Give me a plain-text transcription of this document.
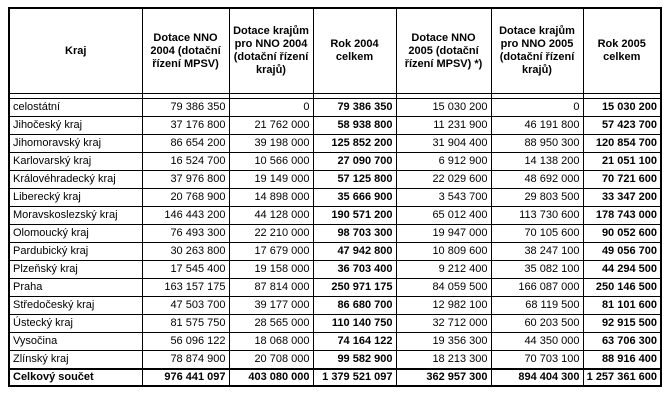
Kraj	Dotace NNO 2004 (dotační řízení MPSV)	Dotace krajům pro NNO 2004 (dotační řízení krajů)	Rok 2004 celkem	Dotace NNO 2005 (dotační řízení MPSV) *)	Dotace krajům pro NNO 2005 (dotační řízení krajů)	Rok 2005 celkem

celostátní	79 386 350	0	79 386 350	15 030 200	0	15 030 200
Jihočeský kraj	37 176 800	21 762 000	58 938 800	11 231 900	46 191 800	57 423 700
Jihomoravský kraj	86 654 200	39 198 000	125 852 200	31 904 400	88 950 300	120 854 700
Karlovarský kraj	16 524 700	10 566 000	27 090 700	6 912 900	14 138 200	21 051 100
Královéhradecký kraj	37 976 800	19 149 000	57 125 800	22 029 600	48 692 000	70 721 600
Liberecký kraj	20 768 900	14 898 000	35 666 900	3 543 700	29 803 500	33 347 200
Moravskoslezský kraj	146 443 200	44 128 000	190 571 200	65 012 400	113 730 600	178 743 000
Olomoucký kraj	76 493 300	22 210 000	98 703 300	19 947 000	70 105 600	90 052 600
Pardubický kraj	30 263 800	17 679 000	47 942 800	10 809 600	38 247 100	49 056 700
Plzeňský kraj	17 545 400	19 158 000	36 703 400	9 212 400	35 082 100	44 294 500
Praha	163 157 175	87 814 000	250 971 175	84 059 500	166 087 000	250 146 500
Středočeský kraj	47 503 700	39 177 000	86 680 700	12 982 100	68 119 500	81 101 600
Ústecký kraj	81 575 750	28 565 000	110 140 750	32 712 000	60 203 500	92 915 500
Vysočina	56 096 122	18 068 000	74 164 122	19 356 300	44 350 000	63 706 300
Zlínský kraj	78 874 900	20 708 000	99 582 900	18 213 300	70 703 100	88 916 400
Celkový součet	976 441 097	403 080 000	1 379 521 097	362 957 300	894 404 300	1 257 361 600
